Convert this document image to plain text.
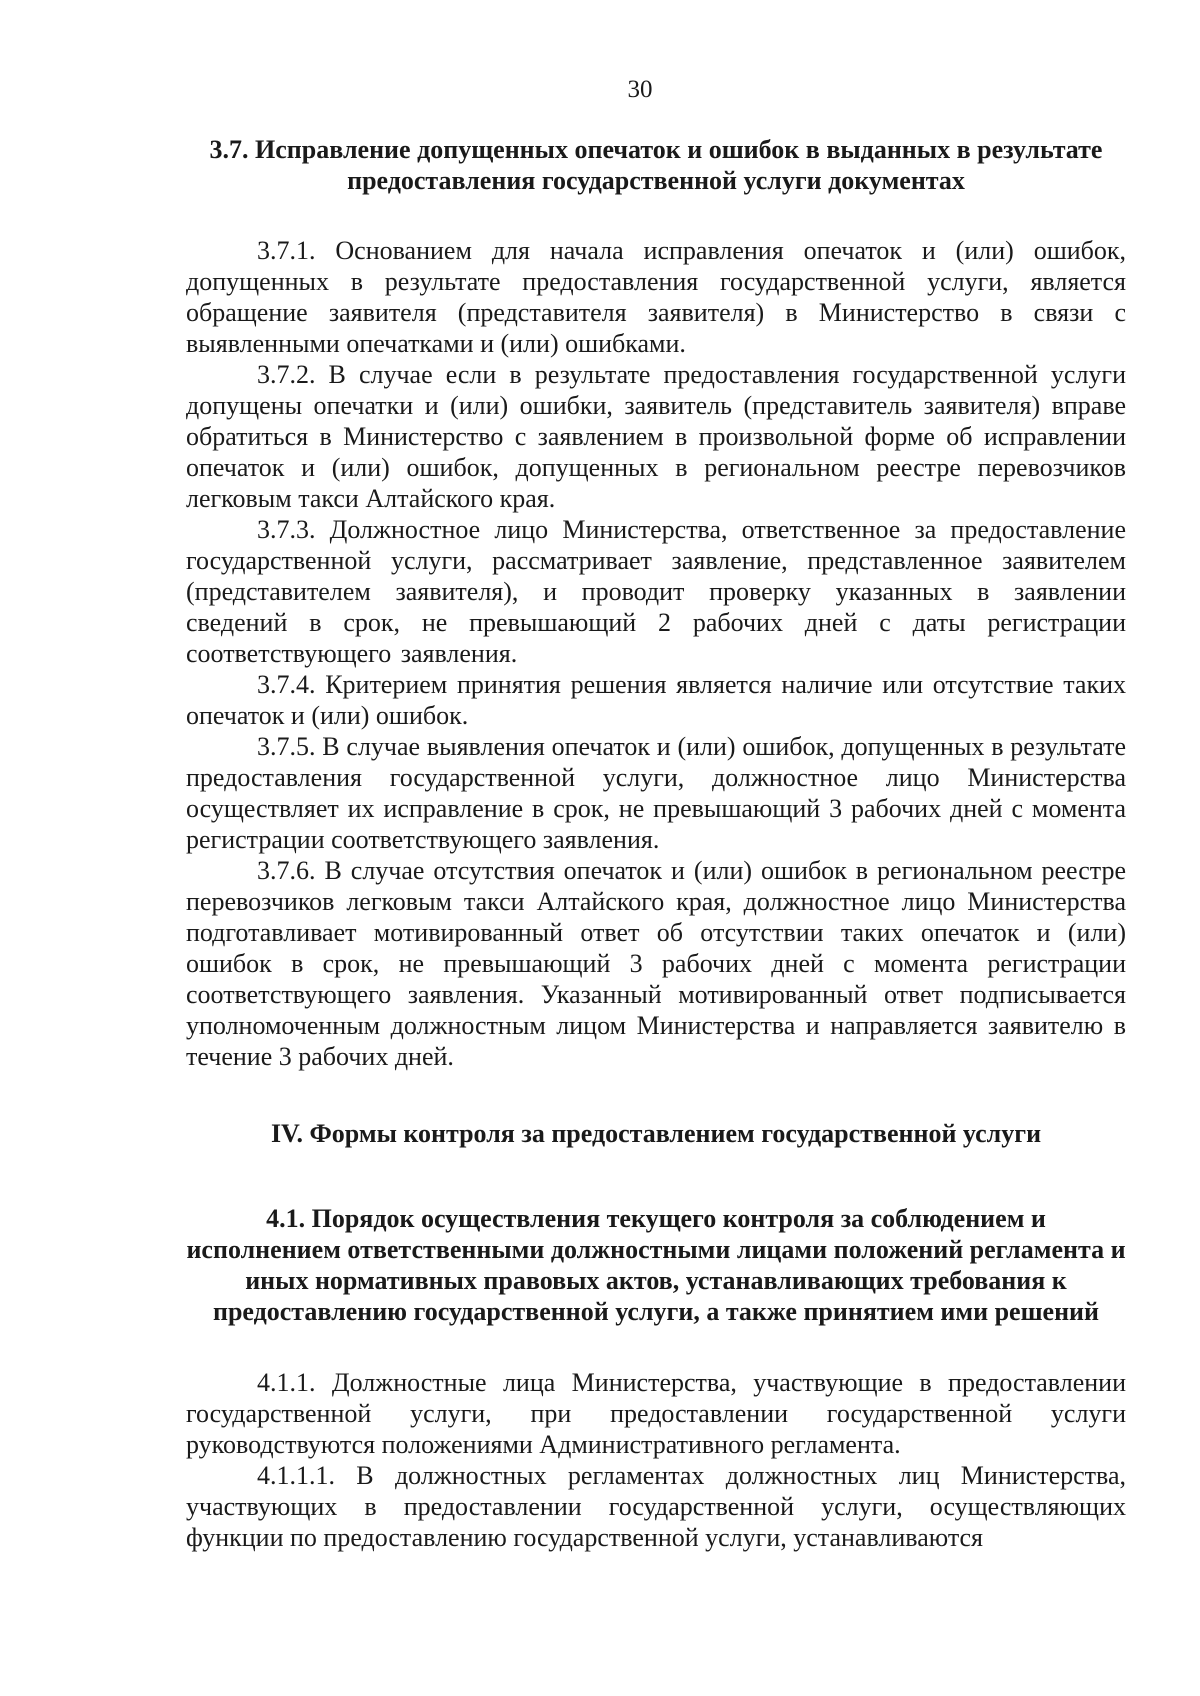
30
3.7. Исправление допущенных опечаток и ошибок в выданных в результате предоставления государственной услуги документах

3.7.1. Основанием для начала исправления опечаток и (или) ошибок, допущенных в результате предоставления государственной услуги, является обращение заявителя (представителя заявителя) в Министерство в связи с выявленными опечатками и (или) ошибками.

3.7.2. В случае если в результате предоставления государственной услуги допущены опечатки и (или) ошибки, заявитель (представитель заявителя) вправе обратиться в Министерство с заявлением в произвольной форме об исправлении опечаток и (или) ошибок, допущенных в региональном реестре перевозчиков легковым такси Алтайского края.

3.7.3. Должностное лицо Министерства, ответственное за предоставление государственной услуги, рассматривает заявление, представленное заявителем (представителем заявителя), и проводит проверку указанных в заявлении сведений в срок, не превышающий 2 рабочих дней с даты регистрации соответствующего заявления.

3.7.4. Критерием принятия решения является наличие или отсутствие таких опечаток и (или) ошибок.

3.7.5. В случае выявления опечаток и (или) ошибок, допущенных в результате предоставления государственной услуги, должностное лицо Министерства осуществляет их исправление в срок, не превышающий 3 рабочих дней с момента регистрации соответствующего заявления.

3.7.6. В случае отсутствия опечаток и (или) ошибок в региональном реестре перевозчиков легковым такси Алтайского края, должностное лицо Министерства подготавливает мотивированный ответ об отсутствии таких опечаток и (или) ошибок в срок, не превышающий 3 рабочих дней с момента регистрации соответствующего заявления. Указанный мотивированный ответ подписывается уполномоченным должностным лицом Министерства и направляется заявителю в течение 3 рабочих дней.

IV. Формы контроля за предоставлением государственной услуги
4.1. Порядок осуществления текущего контроля за соблюдением и исполнением ответственными должностными лицами положений регламента и иных нормативных правовых актов, устанавливающих требования к предоставлению государственной услуги, а также принятием ими решений

4.1.1. Должностные лица Министерства, участвующие в предоставлении государственной услуги, при предоставлении государственной услуги руководствуются положениями Административного регламента.

4.1.1.1. В должностных регламентах должностных лиц Министерства, участвующих в предоставлении государственной услуги, осуществляющих функции по предоставлению государственной услуги, устанавливаются
